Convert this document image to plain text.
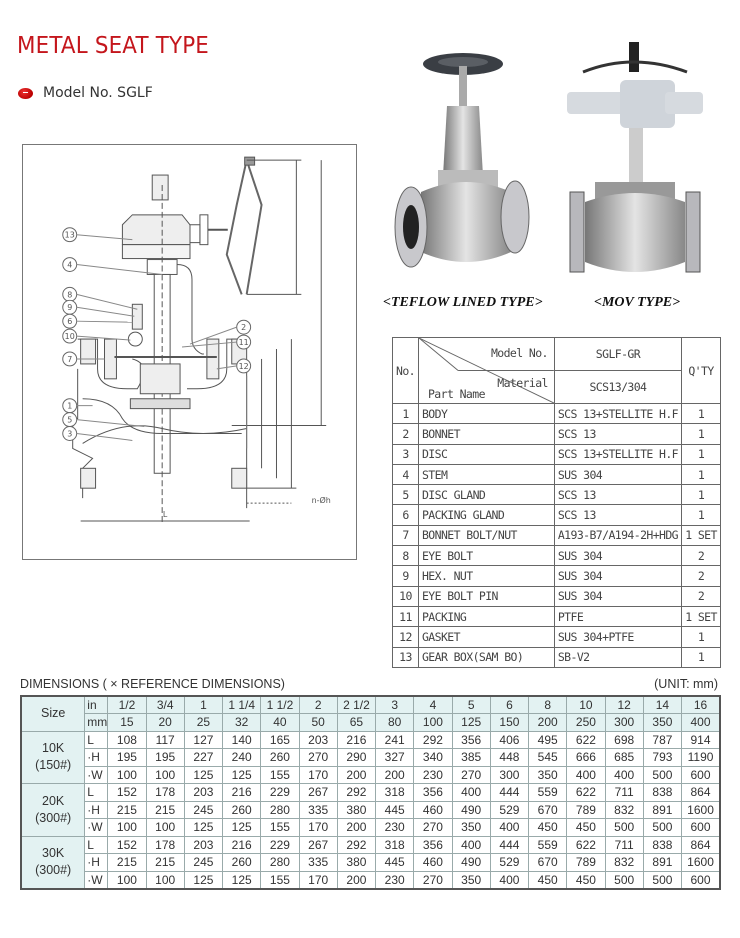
METAL SEAT TYPE
Model No. SGLF
13
4
8
9
6
10
7
1
5
3
2
11
12
L
n-Øh
<TEFLOW LINED TYPE>	<MOV TYPE>
No.	Model No.
Material
Part Name	SGLF-GR	Q'TY
		SCS13/304	
1	BODY	SCS 13+STELLITE H.F	1
2	BONNET	SCS 13	1
3	DISC	SCS 13+STELLITE H.F	1
4	STEM	SUS 304	1
5	DISC GLAND	SCS 13	1
6	PACKING GLAND	SCS 13	1
7	BONNET BOLT/NUT	A193-B7/A194-2H+HDG	1 SET
8	EYE BOLT	SUS 304	2
9	HEX. NUT	SUS 304	2
10	EYE BOLT PIN	SUS 304	2
11	PACKING	PTFE	1 SET
12	GASKET	SUS 304+PTFE	1
13	GEAR BOX(SAM BO)	SB-V2	1
DIMENSIONS ( × REFERENCE DIMENSIONS)	(UNIT: mm)
Size	in	1/2	3/4	1	1 1/4	1 1/2	2	2 1/2	3	4	5	6	8	10	12	14	16
	mm	15	20	25	32	40	50	65	80	100	125	150	200	250	300	350	400

10K
(150#)	L	108	117	127	140	165	203	216	241	292	356	406	495	622	698	787	914
	·H	195	195	227	240	260	270	290	327	340	385	448	545	666	685	793	1190
	·W	100	100	125	125	155	170	200	200	230	270	300	350	400	400	500	600

20K
(300#)	L	152	178	203	216	229	267	292	318	356	400	444	559	622	711	838	864
	·H	215	215	245	260	280	335	380	445	460	490	529	670	789	832	891	1600
	·W	100	100	125	125	155	170	200	230	270	350	400	450	450	500	500	600

30K
(300#)	L	152	178	203	216	229	267	292	318	356	400	444	559	622	711	838	864
	·H	215	215	245	260	280	335	380	445	460	490	529	670	789	832	891	1600
	·W	100	100	125	125	155	170	200	230	270	350	400	450	450	500	500	600
